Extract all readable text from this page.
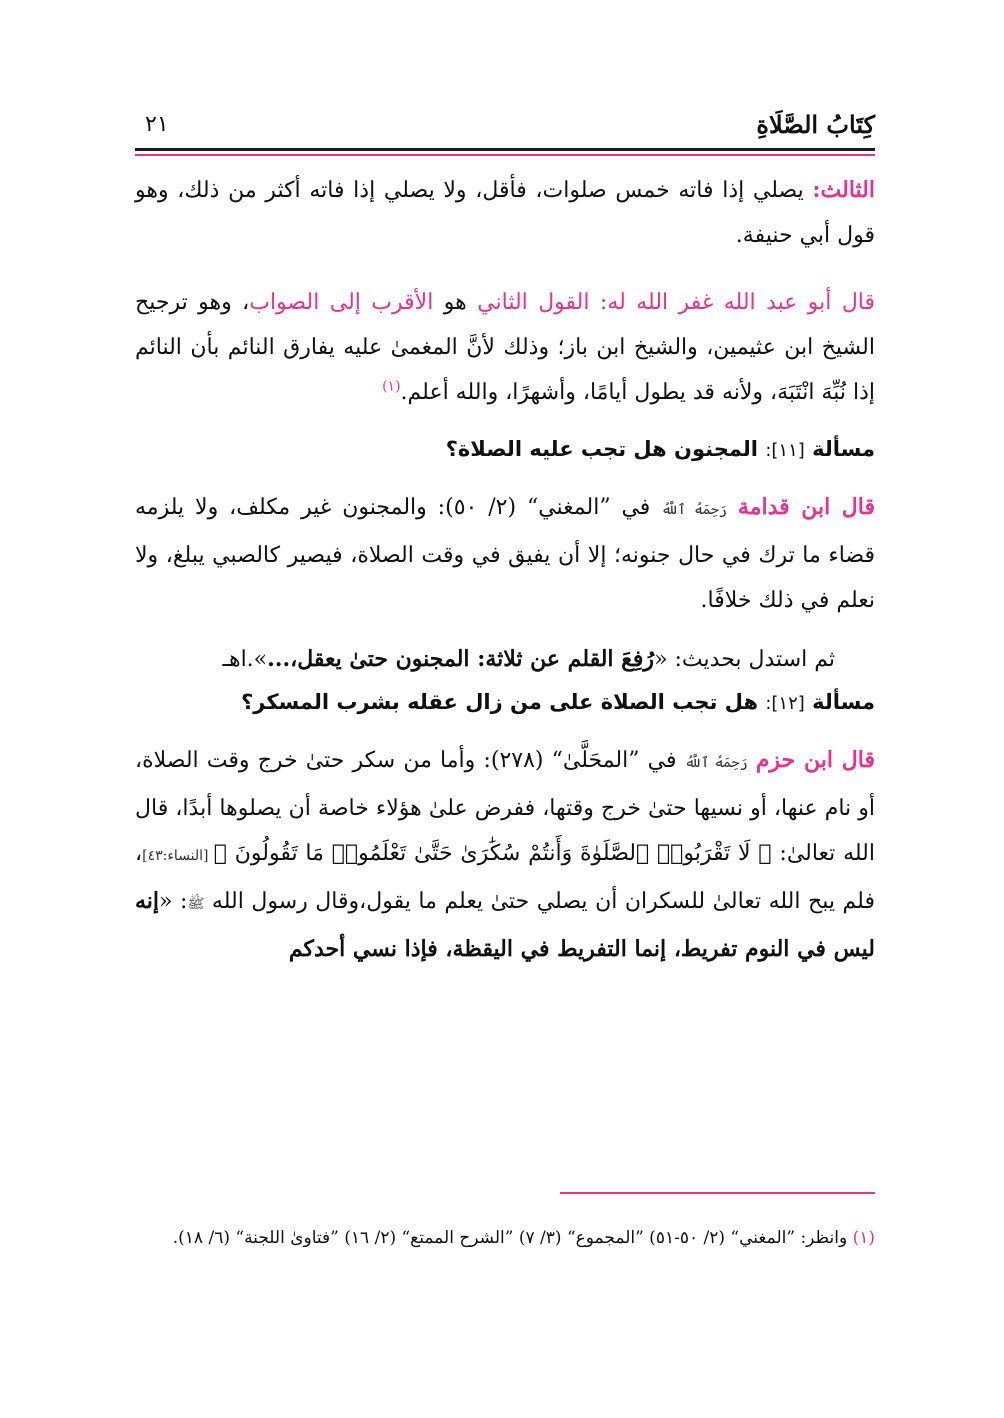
كِتَابُ الصَّلَاةِ
٢١

الثالث: يصلي إذا فاته خمس صلوات، فأقل، ولا يصلي إذا فاته أكثر من ذلك، وهو قول أبي حنيفة.

قال أبو عبد الله غفر الله له: القول الثاني هو الأقرب إلى الصواب، وهو ترجيح الشيخ ابن عثيمين، والشيخ ابن باز؛ وذلك لأنَّ المغمىٰ عليه يفارق النائم بأن النائم إذا نُبِّهَ انْتَبَهَ، ولأنه قد يطول أيامًا، وأشهرًا، والله أعلم.$^{(١)}$

مسألة [١١]: المجنون هل تجب عليه الصلاة؟

قال ابن قدامة رَحِمَهُ ٱللَّهُ في ”المغني“ (٢/ ٥٠): والمجنون غير مكلف، ولا يلزمه قضاء ما ترك في حال جنونه؛ إلا أن يفيق في وقت الصلاة، فيصير كالصبي يبلغ، ولا نعلم في ذلك خلافًا.

ثم استدل بحديث: «رُفِعَ القلم عن ثلاثة: المجنون حتىٰ يعقل،...».اهـ

مسألة [١٢]: هل تجب الصلاة على من زال عقله بشرب المسكر؟

قال ابن حزم رَحِمَهُ ٱللَّهُ في ”المحَلَّىٰ“ (٢٧٨): وأما من سكر حتىٰ خرج وقت الصلاة، أو نام عنها، أو نسيها حتىٰ خرج وقتها، ففرض علىٰ هؤلاء خاصة أن يصلوها أبدًا، قال الله تعالىٰ: ﴿ لَا تَقْرَبُوا۟ ٱلصَّلَوٰةَ وَأَنتُمْ سُكَٰرَىٰ حَتَّىٰ تَعْلَمُوا۟ مَا تَقُولُونَ ﴾ [النساء:٤٣]، فلم يبح الله تعالىٰ للسكران أن يصلي حتىٰ يعلم ما يقول،وقال رسول الله ﷺ: «إنه ليس في النوم تفريط، إنما التفريط في اليقظة، فإذا نسي أحدكم

(١) وانظر: ”المغني“ (٢/ ٥٠-٥١) ”المجموع“ (٣/ ٧) ”الشرح الممتع“ (٢/ ١٦) ”فتاوىٰ اللجنة“ (٦/ ١٨).
